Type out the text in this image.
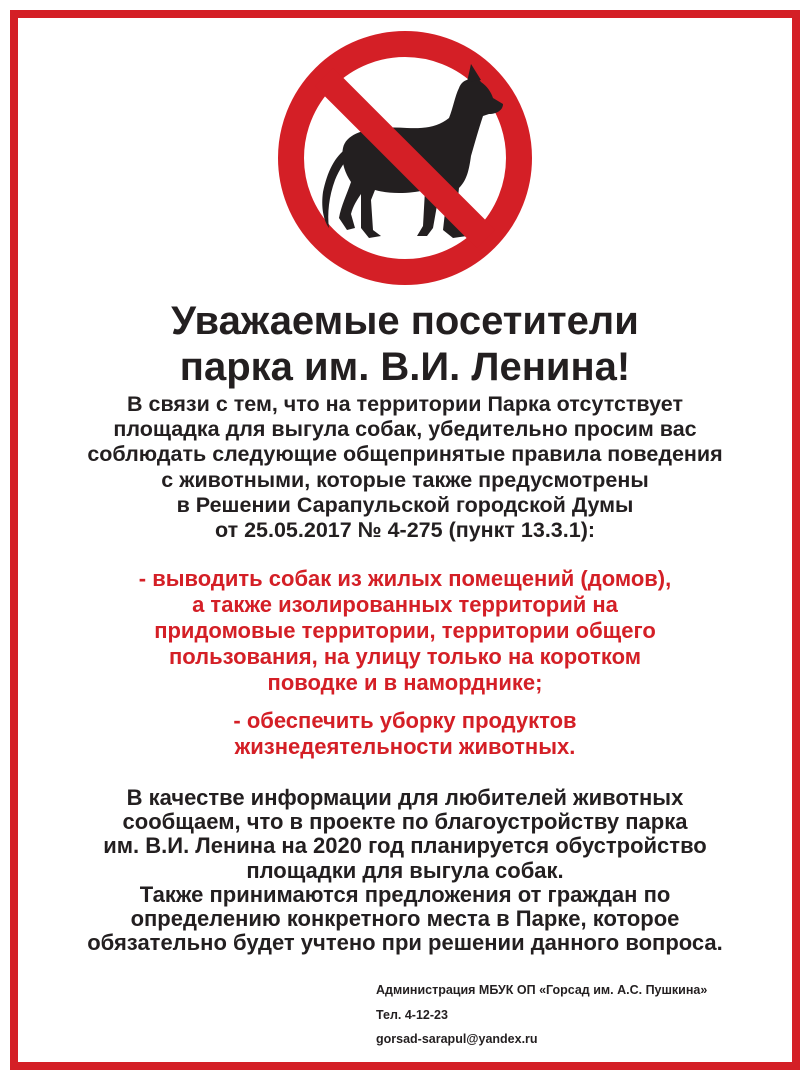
Уважаемые посетители
парка им. В.И. Ленина!
В связи с тем, что на территории Парка отсутствует
площадка для выгула собак, убедительно просим вас
соблюдать следующие общепринятые правила поведения
с животными, которые также предусмотрены
в Решении Сарапульской городской Думы
от 25.05.2017 № 4-275 (пункт 13.3.1):
- выводить собак из жилых помещений (домов),
а также изолированных территорий на
придомовые территории, территории общего
пользования, на улицу только на коротком
поводке и в наморднике;
- обеспечить уборку продуктов
жизнедеятельности животных.
В качестве информации для любителей животных
сообщаем, что в проекте по благоустройству парка
им. В.И. Ленина на 2020 год планируется обустройство
площадки для выгула собак.
Также принимаются предложения от граждан по
определению конкретного места в Парке, которое
обязательно будет учтено при решении данного вопроса.
Администрация МБУК ОП «Горсад им. А.С. Пушкина»
Тел. 4-12-23
gorsad-sarapul@yandex.ru
